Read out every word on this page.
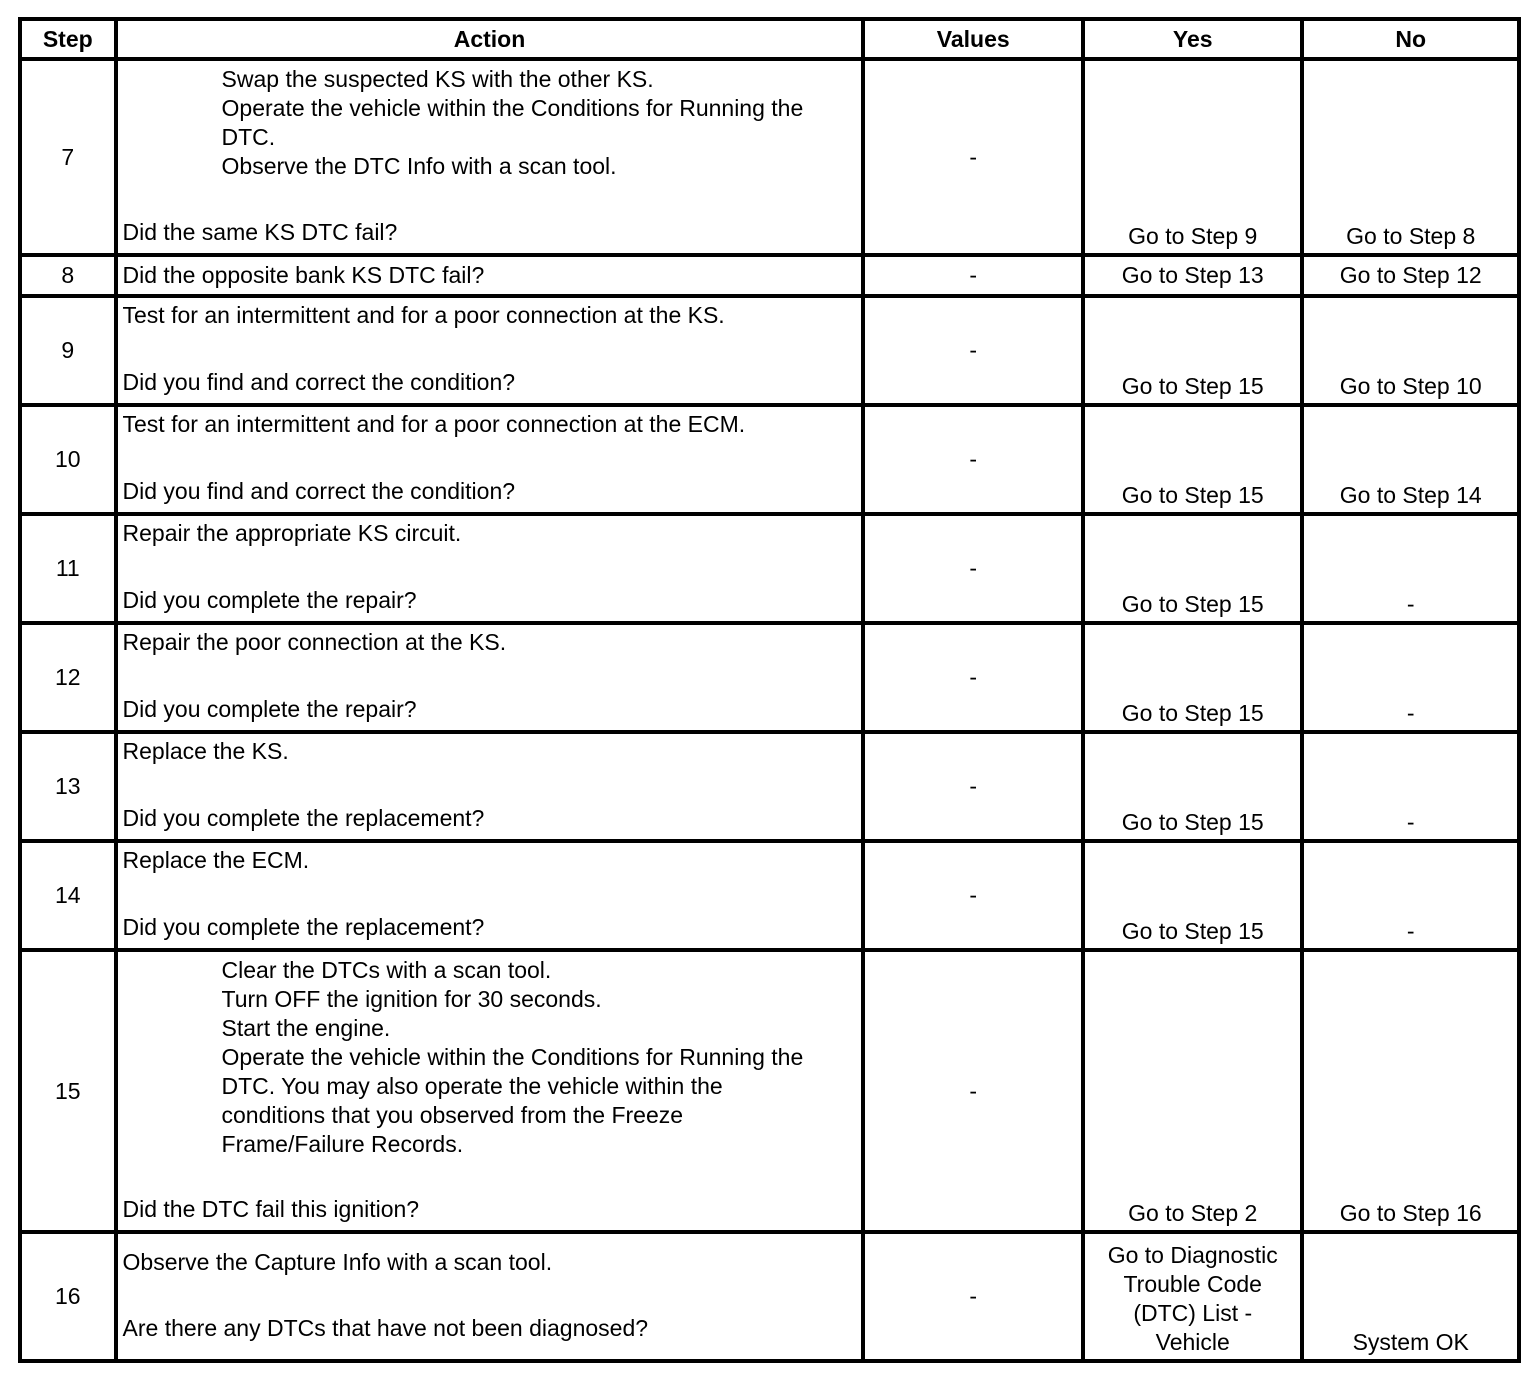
Step	Action	Values	Yes	No
7	Swap the suspected KS with the other KS.
Operate the vehicle within the Conditions for Running the DTC.
Observe the DTC Info with a scan tool.
Did the same KS DTC fail?	-	Go to Step 9	Go to Step 8
8	Did the opposite bank KS DTC fail?	-	Go to Step 13	Go to Step 12
9	Test for an intermittent and for a poor connection at the KS.
Did you find and correct the condition?	-	Go to Step 15	Go to Step 10
10	Test for an intermittent and for a poor connection at the ECM.
Did you find and correct the condition?	-	Go to Step 15	Go to Step 14
11	Repair the appropriate KS circuit.
Did you complete the repair?	-	Go to Step 15	-
12	Repair the poor connection at the KS.
Did you complete the repair?	-	Go to Step 15	-
13	Replace the KS.
Did you complete the replacement?	-	Go to Step 15	-
14	Replace the ECM.
Did you complete the replacement?	-	Go to Step 15	-
15	Clear the DTCs with a scan tool.
Turn OFF the ignition for 30 seconds.
Start the engine.
Operate the vehicle within the Conditions for Running the DTC. You may also operate the vehicle within the conditions that you observed from the Freeze Frame/Failure Records.
Did the DTC fail this ignition?	-	Go to Step 2	Go to Step 16
16	Observe the Capture Info with a scan tool.
Are there any DTCs that have not been diagnosed?	-	Go to Diagnostic Trouble Code (DTC) List - Vehicle	System OK
